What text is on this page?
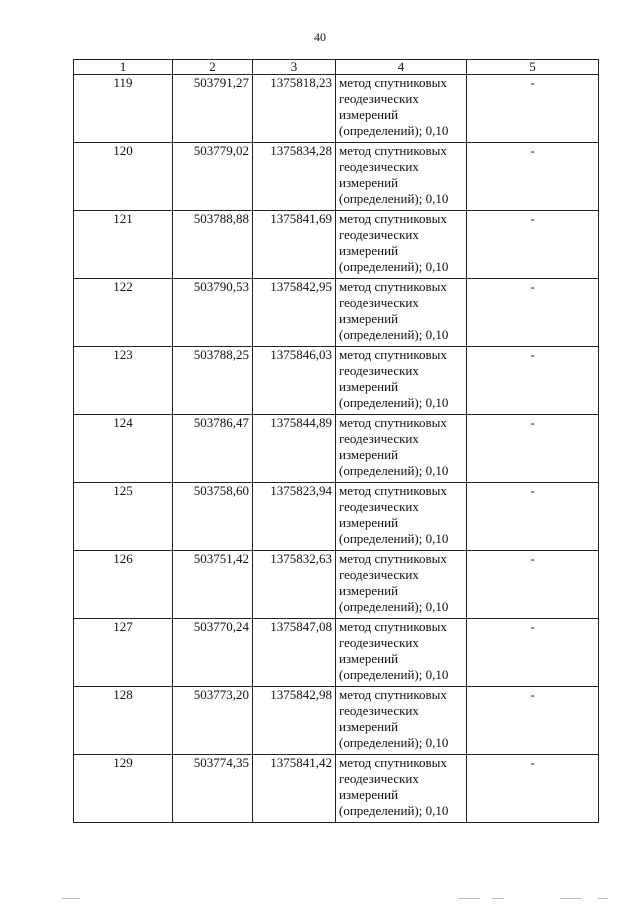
40
1	2	3	4	5
119	503791,27	1375818,23	метод спутниковых геодезических измерений (определений); 0,10	-
120	503779,02	1375834,28	метод спутниковых геодезических измерений (определений); 0,10	-
121	503788,88	1375841,69	метод спутниковых геодезических измерений (определений); 0,10	-
122	503790,53	1375842,95	метод спутниковых геодезических измерений (определений); 0,10	-
123	503788,25	1375846,03	метод спутниковых геодезических измерений (определений); 0,10	-
124	503786,47	1375844,89	метод спутниковых геодезических измерений (определений); 0,10	-
125	503758,60	1375823,94	метод спутниковых геодезических измерений (определений); 0,10	-
126	503751,42	1375832,63	метод спутниковых геодезических измерений (определений); 0,10	-
127	503770,24	1375847,08	метод спутниковых геодезических измерений (определений); 0,10	-
128	503773,20	1375842,98	метод спутниковых геодезических измерений (определений); 0,10	-
129	503774,35	1375841,42	метод спутниковых геодезических измерений (определений); 0,10	-
